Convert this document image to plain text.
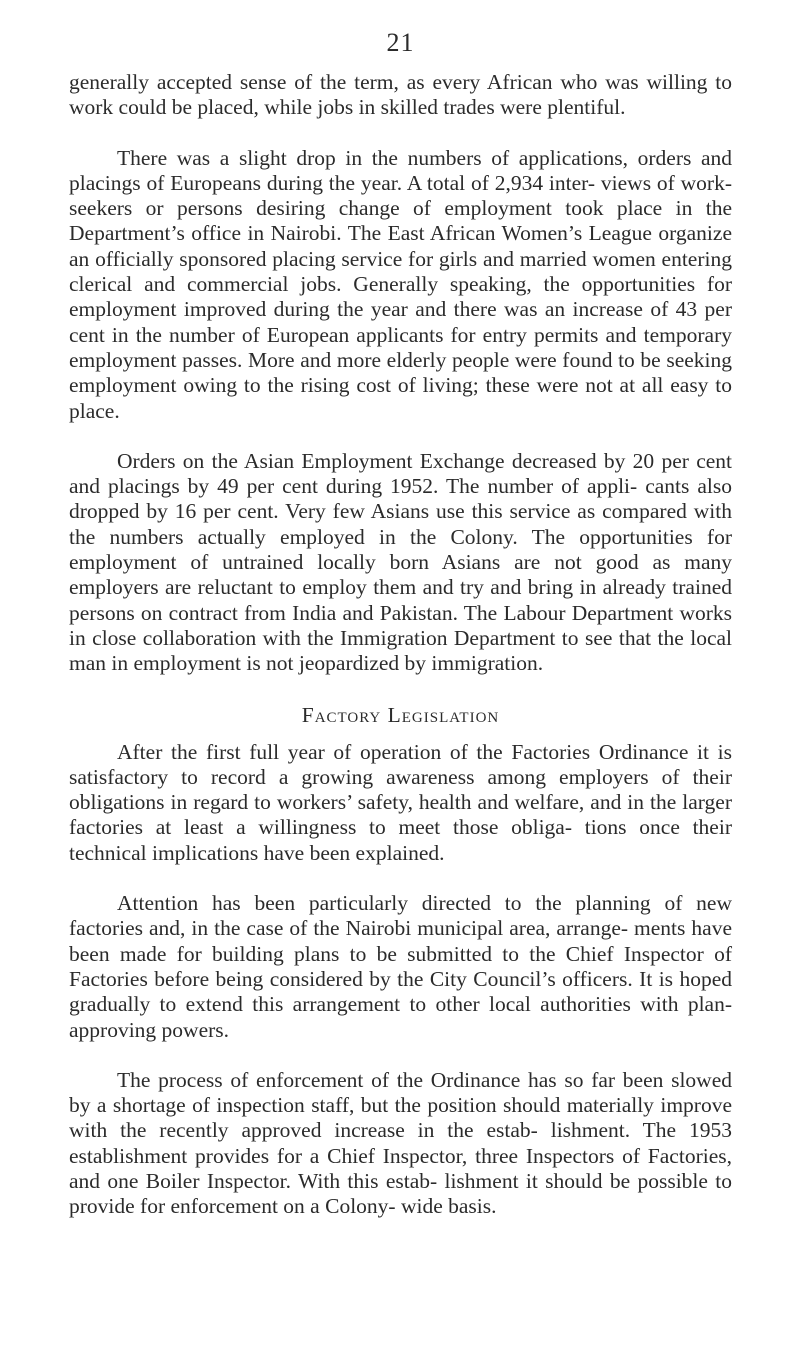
21

generally accepted sense of the term, as every African who was willing to work could be placed, while jobs in skilled trades were plentiful.

There was a slight drop in the numbers of applications, orders and placings of Europeans during the year. A total of 2,934 inter- views of work-seekers or persons desiring change of employment took place in the Department’s office in Nairobi. The East African Women’s League organize an officially sponsored placing service for girls and married women entering clerical and commercial jobs. Generally speaking, the opportunities for employment improved during the year and there was an increase of 43 per cent in the number of European applicants for entry permits and temporary employment passes. More and more elderly people were found to be seeking employment owing to the rising cost of living; these were not at all easy to place.

Orders on the Asian Employment Exchange decreased by 20 per cent and placings by 49 per cent during 1952. The number of appli- cants also dropped by 16 per cent. Very few Asians use this service as compared with the numbers actually employed in the Colony. The opportunities for employment of untrained locally born Asians are not good as many employers are reluctant to employ them and try and bring in already trained persons on contract from India and Pakistan. The Labour Department works in close collaboration with the Immigration Department to see that the local man in employment is not jeopardized by immigration.

Factory Legislation

After the first full year of operation of the Factories Ordinance it is satisfactory to record a growing awareness among employers of their obligations in regard to workers’ safety, health and welfare, and in the larger factories at least a willingness to meet those obliga- tions once their technical implications have been explained.

Attention has been particularly directed to the planning of new factories and, in the case of the Nairobi municipal area, arrange- ments have been made for building plans to be submitted to the Chief Inspector of Factories before being considered by the City Council’s officers. It is hoped gradually to extend this arrangement to other local authorities with plan-approving powers.

The process of enforcement of the Ordinance has so far been slowed by a shortage of inspection staff, but the position should materially improve with the recently approved increase in the estab- lishment. The 1953 establishment provides for a Chief Inspector, three Inspectors of Factories, and one Boiler Inspector. With this estab- lishment it should be possible to provide for enforcement on a Colony- wide basis.
